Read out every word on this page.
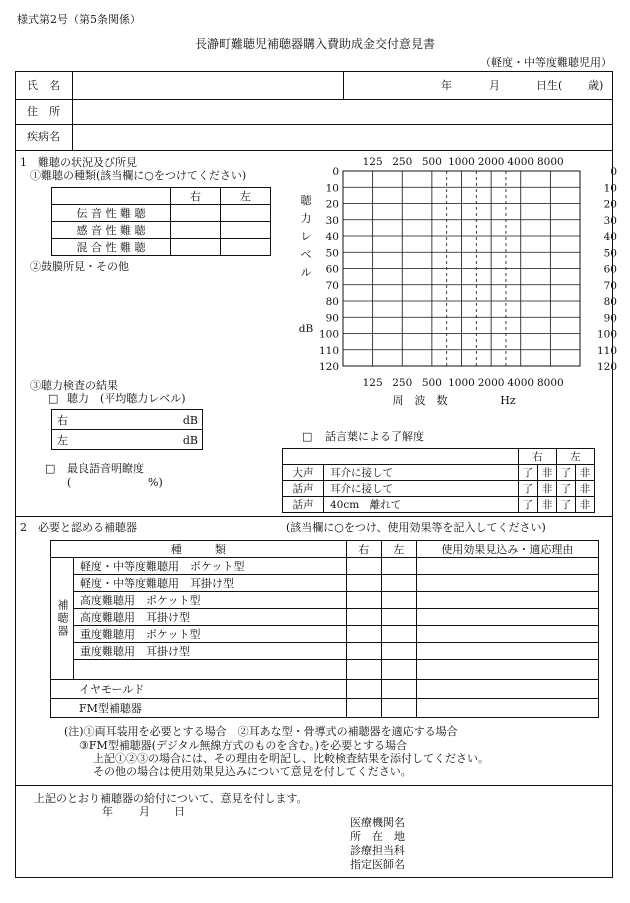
様式第2号（第5条関係）
長瀞町難聴児補聴器購入費助成金交付意見書
（軽度・中等度難聴児用）
氏　名	年	月	日生( 歳)
住　所
疾病名
1　難聴の状況及び所見
①難聴の種類(該当欄に○をつけてください)
	右	左
伝 音 性 難 聴		
感 音 性 難 聴		
混 合 性 難 聴		
②鼓膜所見・その他
③聴力検査の結果
□ 聴力　(平均聴力レベル)
右	dB

左	dB
□ 最良語音明瞭度
(	%)
0	0
10	10
20	20
30	30
40	40
50	50
60	60
70	70
80	80
90	90
100	100
110	110
120	120
125
125
250
250
500
500
1000
1000
2000
2000
4000
4000
8000
8000
聴
力
レ
ベ
ル
dB
周　波　数	Hz
□ 話言葉による了解度
		右		左	
大声	耳介に接して	了	非	了	非
話声	耳介に接して	了	非	了	非
話声	40cm　離れて	了	非	了	非
2　必要と認める補聴器	(該当欄に○をつけ、使用効果等を記入してください)
種　　　類		右	左	使用効果見込み・適応理由
補聴器	軽度・中等度難聴用　ポケット型			
	軽度・中等度難聴用　耳掛け型			
	高度難聴用　ポケット型			
	高度難聴用　耳掛け型			
	重度難聴用　ポケット型			
	重度難聴用　耳掛け型			

イヤモールド				
FM型補聴器				
(注)①両耳装用を必要とする場合　②耳あな型・骨導式の補聴器を適応する場合
③FM型補聴器(デジタル無線方式のものを含む。)を必要とする場合
上記①②③の場合には、その理由を明記し、比較検査結果を添付してください。
その他の場合は使用効果見込みについて意見を付してください。
上記のとおり補聴器の給付について、意見を付します。
年 月 日
医療機関名
所　在　地
診療担当科
指定医師名
